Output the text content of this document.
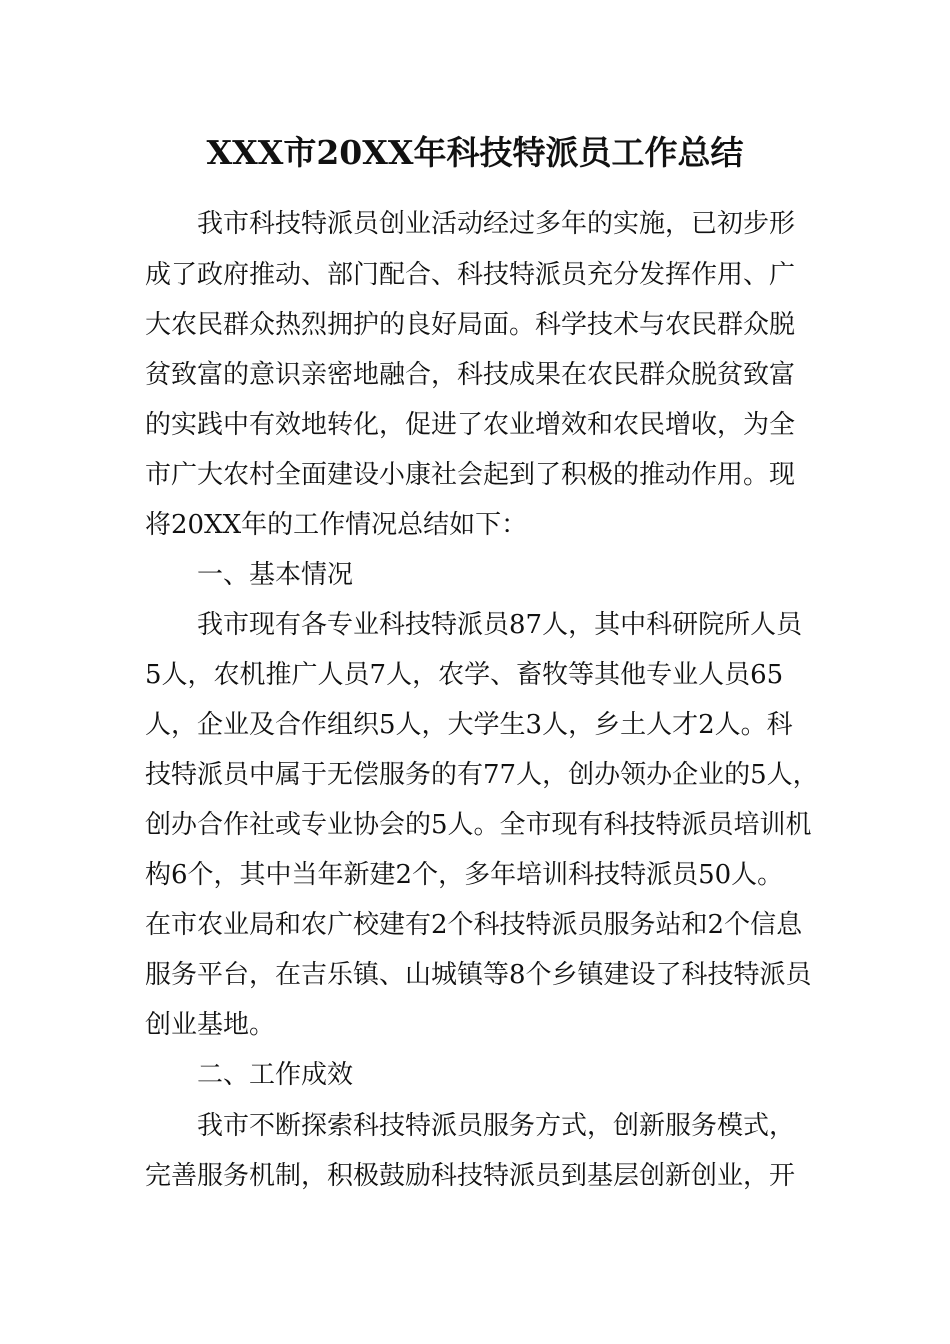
XXX市20XX年科技特派员工作总结

我市科技特派员创业活动经过多年的实施，已初步形

成了政府推动、部门配合、科技特派员充分发挥作用、广

大农民群众热烈拥护的良好局面。科学技术与农民群众脱

贫致富的意识亲密地融合，科技成果在农民群众脱贫致富

的实践中有效地转化，促进了农业增效和农民增收，为全

市广大农村全面建设小康社会起到了积极的推动作用。现

将20XX年的工作情况总结如下：

一、基本情况

我市现有各专业科技特派员87人，其中科研院所人员

5人，农机推广人员7人，农学、畜牧等其他专业人员65

人，企业及合作组织5人，大学生3人，乡土人才2人。科

技特派员中属于无偿服务的有77人，创办领办企业的5人，

创办合作社或专业协会的5人。全市现有科技特派员培训机

构6个，其中当年新建2个，多年培训科技特派员50人。

在市农业局和农广校建有2个科技特派员服务站和2个信息

服务平台，在吉乐镇、山城镇等8个乡镇建设了科技特派员

创业基地。

二、工作成效

我市不断探索科技特派员服务方式，创新服务模式，

完善服务机制，积极鼓励科技特派员到基层创新创业，开
